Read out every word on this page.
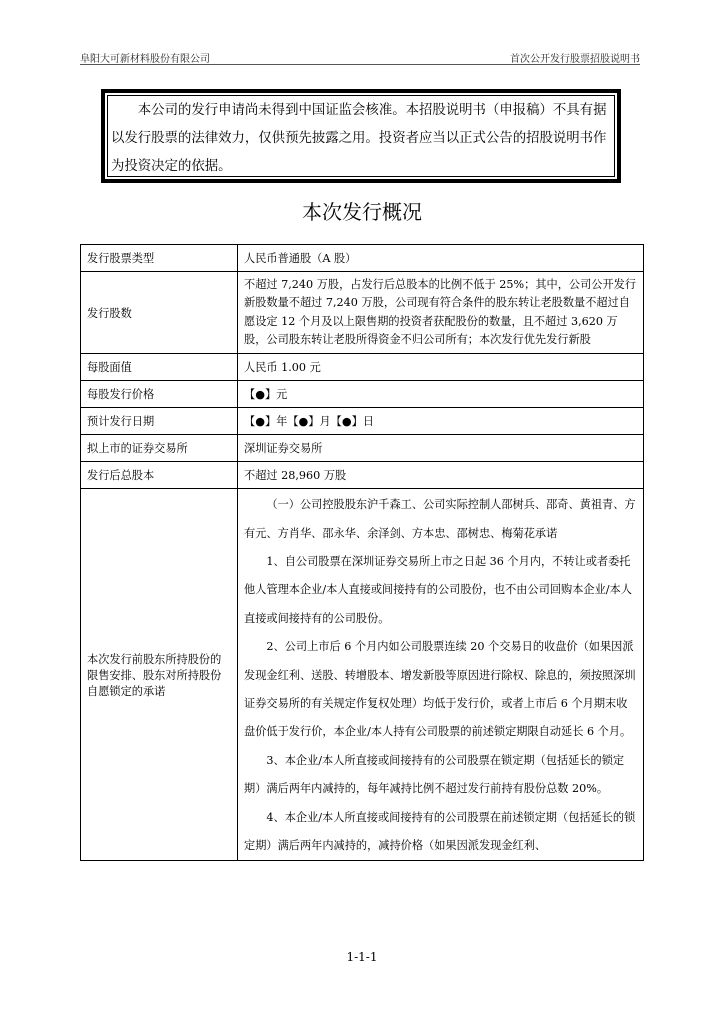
阜阳大可新材料股份有限公司	首次公开发行股票招股说明书

本公司的发行申请尚未得到中国证监会核准。本招股说明书（申报稿）不具有据以发行股票的法律效力，仅供预先披露之用。投资者应当以正式公告的招股说明书作为投资决定的依据。

本次发行概况
发行股票类型	人民币普通股（A 股）
发行股数	不超过 7,240 万股，占发行后总股本的比例不低于 25%；其中，公司公开发行新股数量不超过 7,240 万股，公司现有符合条件的股东转让老股数量不超过自愿设定 12 个月及以上限售期的投资者获配股份的数量，且不超过 3,620 万股，公司股东转让老股所得资金不归公司所有；本次发行优先发行新股
每股面值	人民币 1.00 元
每股发行价格	【●】元
预计发行日期	【●】年【●】月【●】日
拟上市的证券交易所	深圳证券交易所
发行后总股本	不超过 28,960 万股
本次发行前股东所持股份的限售安排、股东对所持股份自愿锁定的承诺	（一）公司控股股东沪千森工、公司实际控制人邵树兵、邵奇、黄祖青、方有元、方肖华、邵永华、余泽剑、方本忠、邵树忠、梅菊花承诺
1、自公司股票在深圳证券交易所上市之日起 36 个月内，不转让或者委托他人管理本企业/本人直接或间接持有的公司股份，也不由公司回购本企业/本人直接或间接持有的公司股份。
2、公司上市后 6 个月内如公司股票连续 20 个交易日的收盘价（如果因派发现金红利、送股、转增股本、增发新股等原因进行除权、除息的，须按照深圳证券交易所的有关规定作复权处理）均低于发行价，或者上市后 6 个月期末收盘价低于发行价，本企业/本人持有公司股票的前述锁定期限自动延长 6 个月。
3、本企业/本人所直接或间接持有的公司股票在锁定期（包括延长的锁定期）满后两年内减持的，每年减持比例不超过发行前持有股份总数 20%。
4、本企业/本人所直接或间接持有的公司股票在前述锁定期（包括延长的锁定期）满后两年内减持的，减持价格（如果因派发现金红利、
1-1-1
